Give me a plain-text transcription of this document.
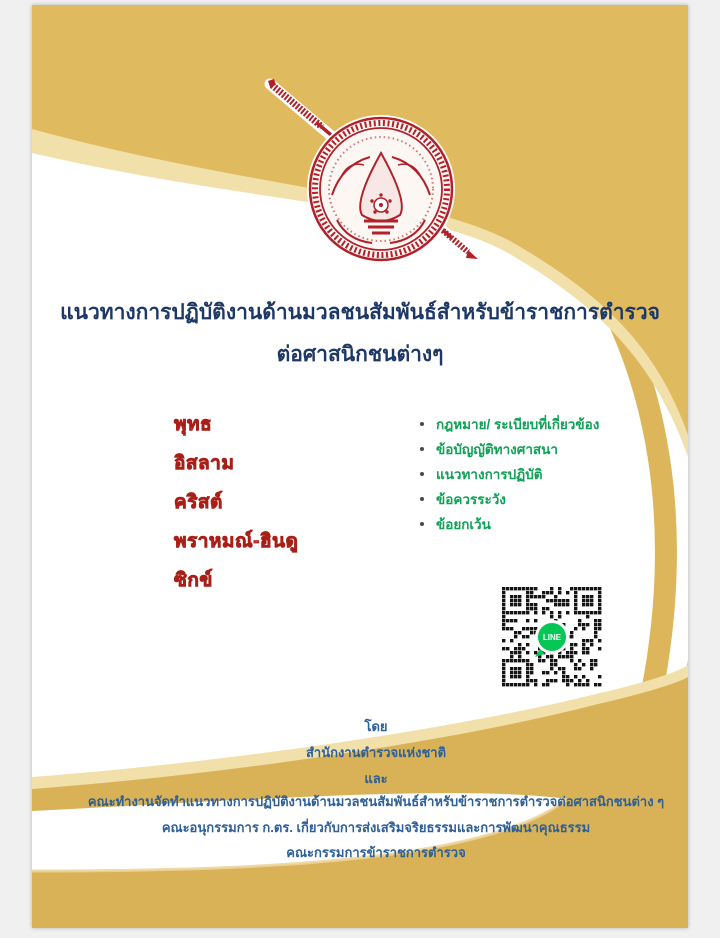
แนวทางการปฏิบัติงานด้านมวลชนสัมพันธ์สำหรับข้าราชการตำรวจ
ต่อศาสนิกชนต่างๆ
พุทธ
อิสลาม
คริสต์
พราหมณ์-ฮินดู
ซิกข์
กฎหมาย/ ระเบียบที่เกี่ยวข้อง
ข้อบัญญัติทางศาสนา
แนวทางการปฏิบัติ
ข้อควรระวัง
ข้อยกเว้น
LINE
โดย
สำนักงานตำรวจแห่งชาติ
และ
คณะทำงานจัดทำแนวทางการปฏิบัติงานด้านมวลชนสัมพันธ์สำหรับข้าราชการตำรวจต่อศาสนิกชนต่าง ๆ
คณะอนุกรรมการ ก.ตร. เกี่ยวกับการส่งเสริมจริยธรรมและการพัฒนาคุณธรรม
คณะกรรมการข้าราชการตำรวจ
